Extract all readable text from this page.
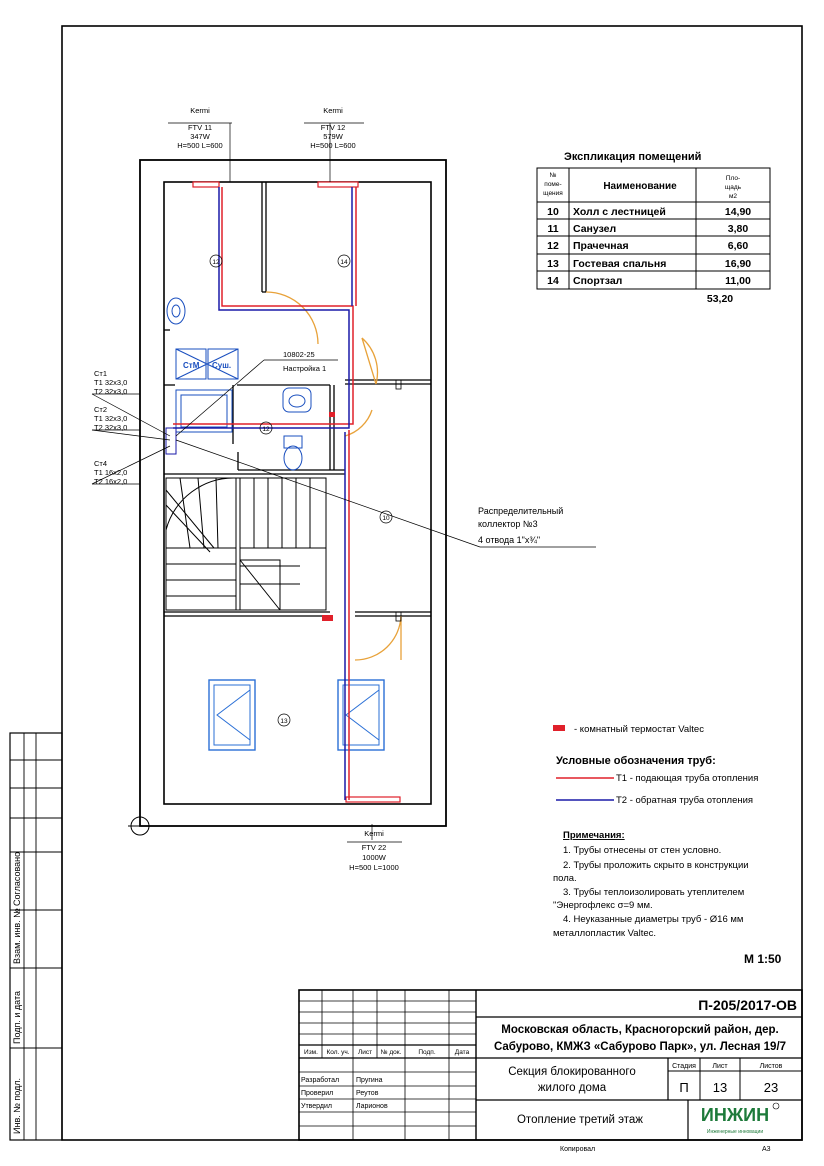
Согласовано
Взам. инв. №
Подп. и дата
Инв. № подл.
СтМ Суш.
12	14
12
10
13
Kermi
FTV 11
347W
H=500 L=600
Kermi
FTV 12
579W
H=500 L=600
Kermi
FTV 22
1000W
H=500 L=1000
Ст1
T1 32х3,0
T2 32х3,0
Ст2
T1 32х3,0
T2 32х3,0
Ст4
T1 16х2,0
T2 16х2,0
10802-25
Настройка 1
Распределительный
коллектор №3
4 отвода 1"х¾"
Экспликация помещений
№
поме-
щения
Пло-
щадь
м2
Наименование
10 Холл с лестницей	14,90
11 Санузел	3,80
12 Прачечная	6,60
13 Гостевая спальня	16,90
14 Спортзал	11,00
53,20
- комнатный термостат Valtec
Условные обозначения труб:
Т1 - подающая труба отопления
Т2 - обратная труба отопления
Примечания:
1. Трубы отнесены от стен условно.
2. Трубы проложить скрыто в конструкции
пола.
3. Трубы теплоизолировать утеплителем
"Энергофлекс σ=9 мм.
4. Неуказанные диаметры труб - Ø16 мм
металлопластик Valtec.
М 1:50
Изм. Кол. уч. Лист № док.	Подп.	Дата
Разработал Пругина
Проверил	Реутов
Утвердил	Ларионов
П-205/2017-ОВ
Московская область, Красногорский район, дер.
Сабурово, КМЖЗ «Сабурово Парк», ул. Лесная 19/7
Секция блокированного
жилого дома
Стадия Лист	Листов
П 13	23
Отопление третий этаж	ИНЖИН
Инженерные инновации
Копировал	A3
